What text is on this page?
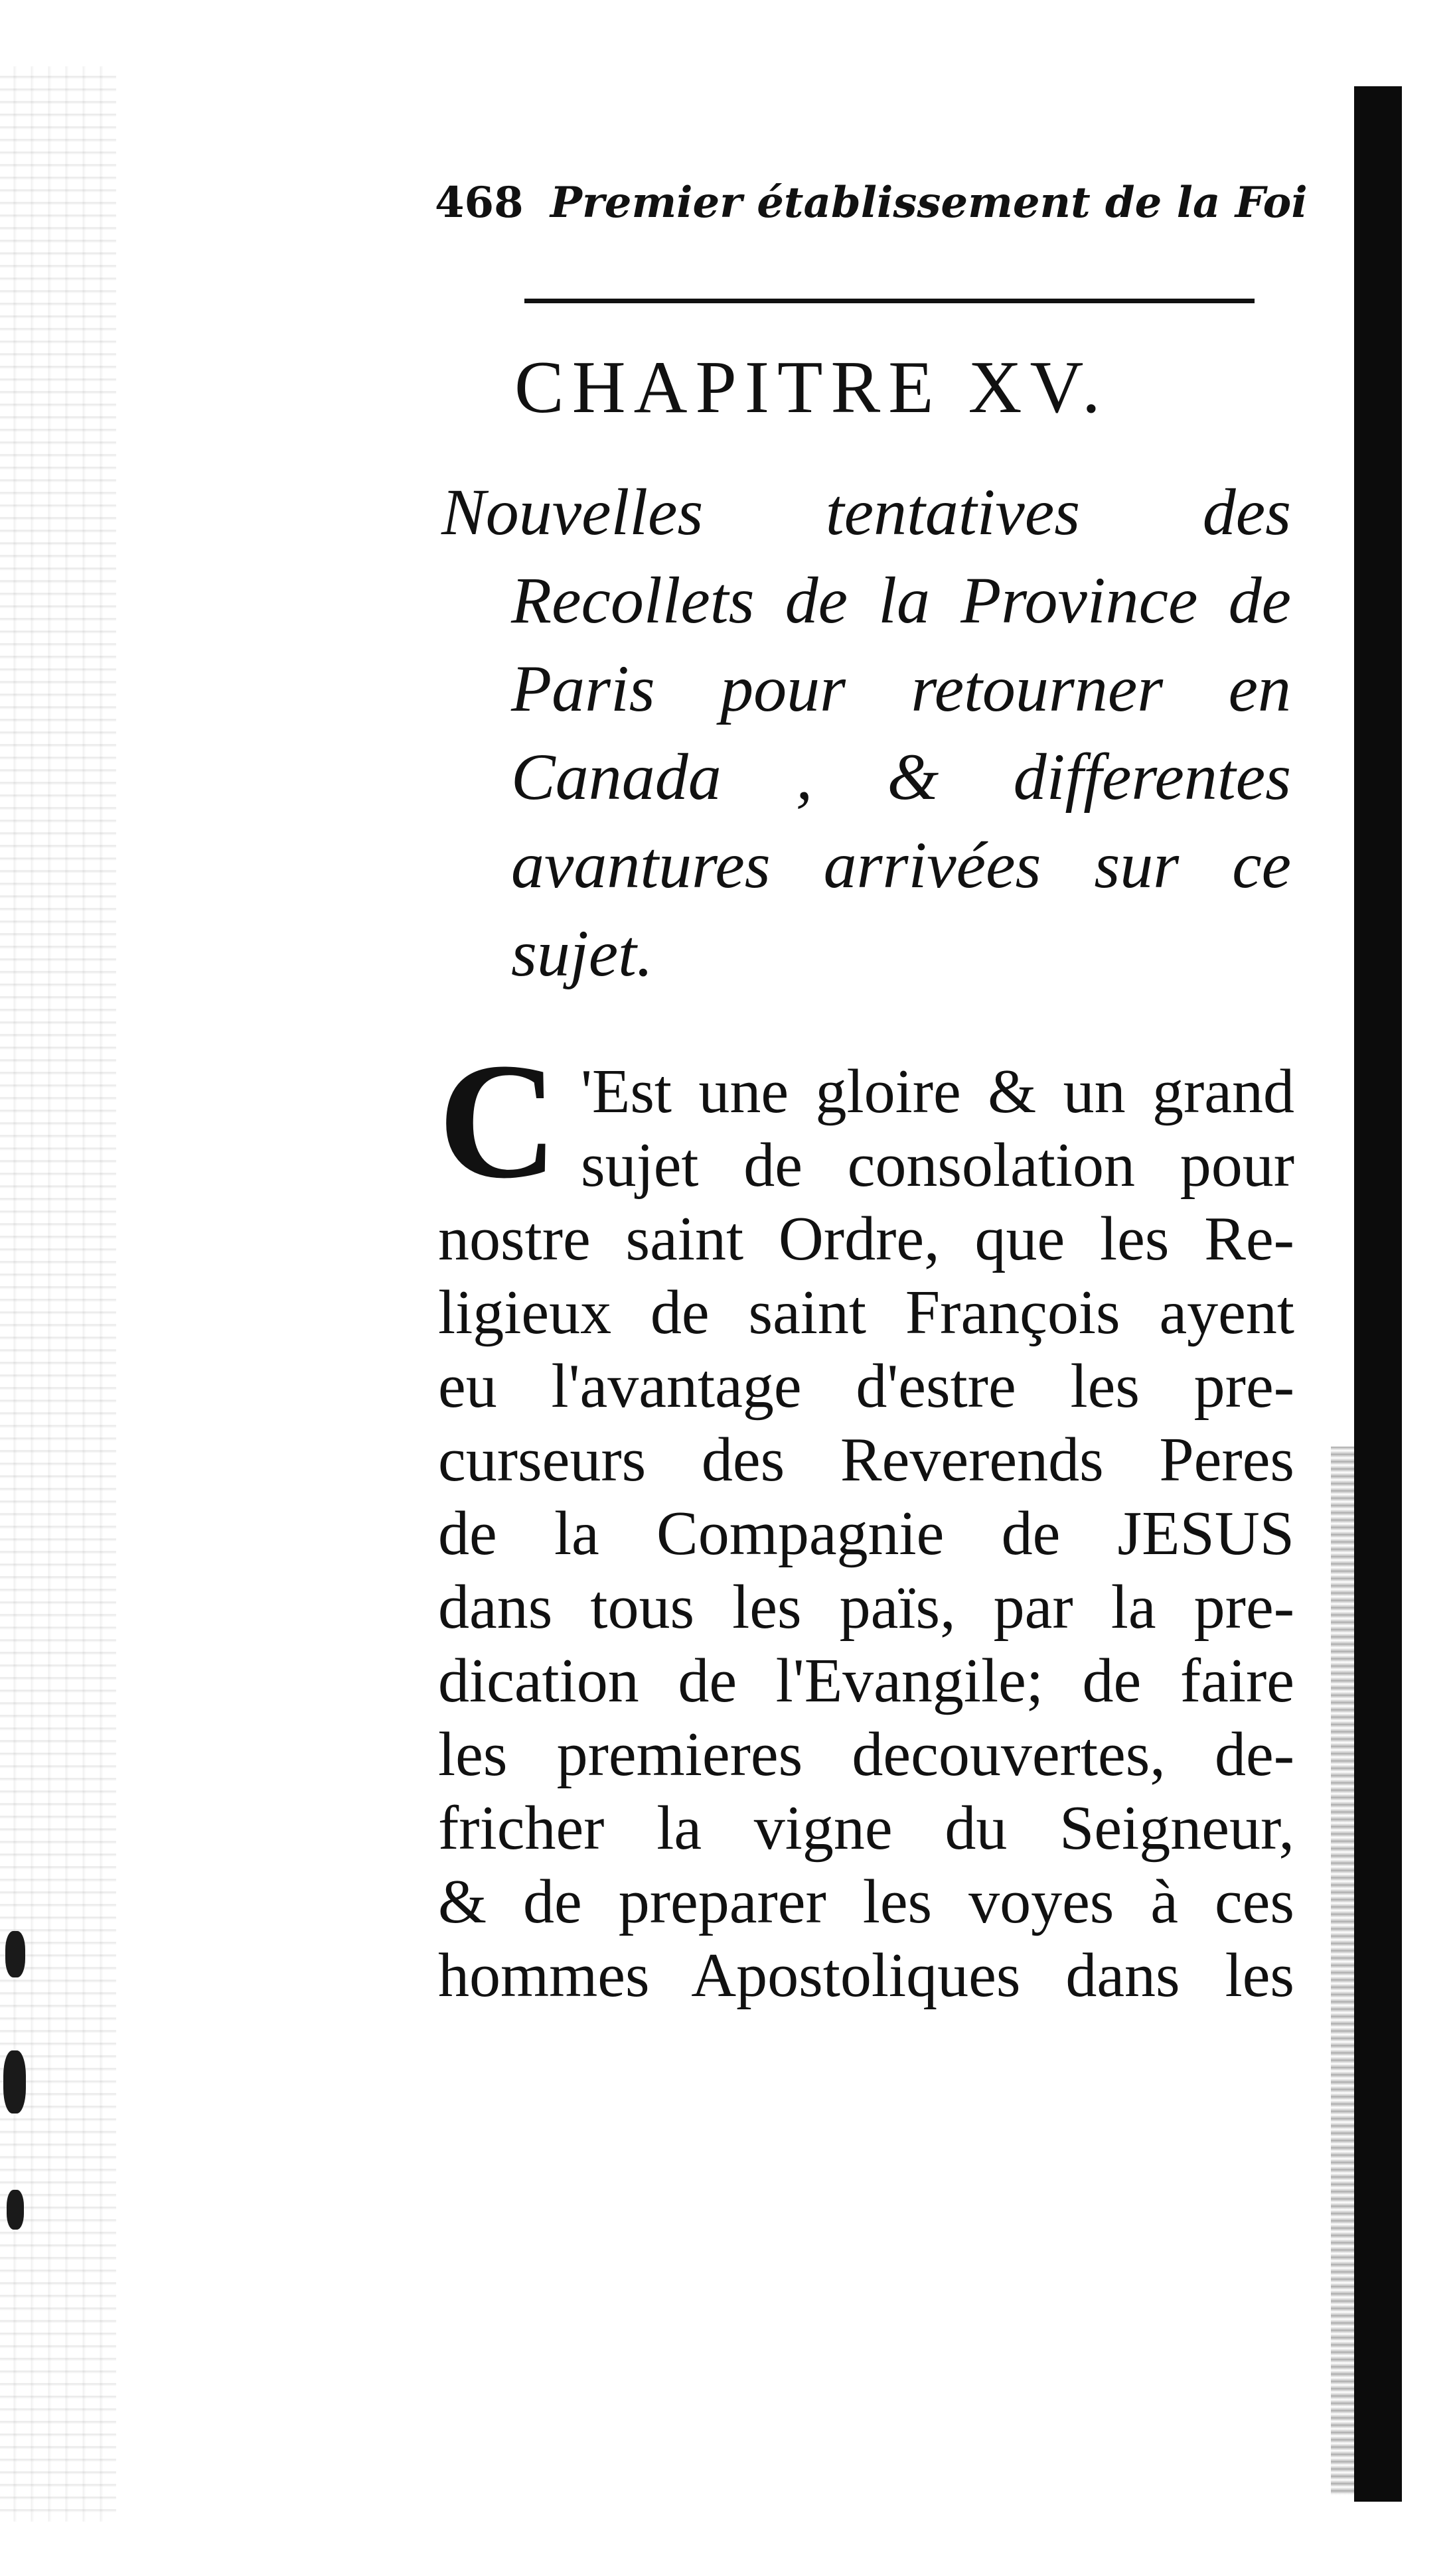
468 Premier établissement de la Foi
CHAPITRE XV.
Nouvelles tentatives des
Recollets de la Province de
Paris pour retourner en
Canada , & differentes
avantures arrivées sur ce
sujet.
C 'Est une gloire & un grand
sujet de consolation pour
nostre saint Ordre, que les Re-
ligieux de saint François ayent
eu l'avantage d'estre les pre-
curseurs des Reverends Peres
de la Compagnie de JESUS
dans tous les païs, par la pre-
dication de l'Evangile; de faire
les premieres decouvertes, de-
fricher la vigne du Seigneur,
& de preparer les voyes à ces
hommes Apostoliques dans les
